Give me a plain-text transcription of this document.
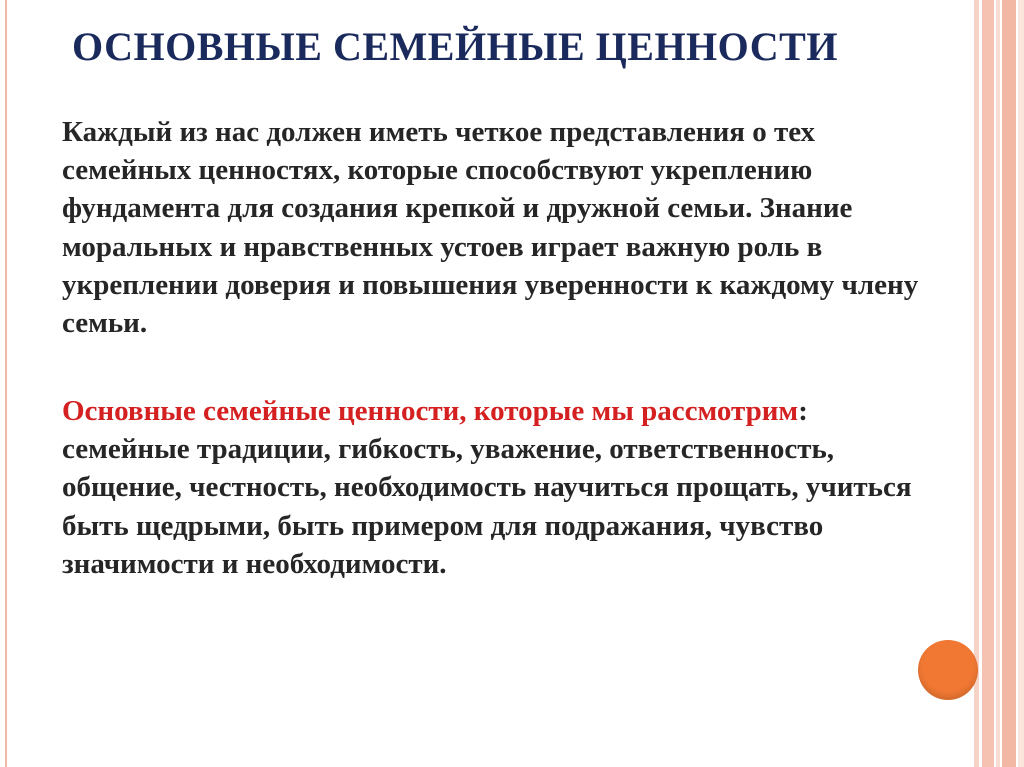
ОСНОВНЫЕ СЕМЕЙНЫЕ ЦЕННОСТИ

Каждый из нас должен иметь четкое представления о тех семейных ценностях, которые способствуют укреплению фундамента для создания крепкой и дружной семьи. Знание моральных и нравственных устоев играет важную роль в укреплении доверия и повышения уверенности к каждому члену семьи.

Основные семейные ценности, которые мы рассмотрим: семейные традиции, гибкость, уважение, ответственность, общение, честность, необходимость научиться прощать, учиться быть щедрыми, быть примером для подражания, чувство значимости и необходимости.
